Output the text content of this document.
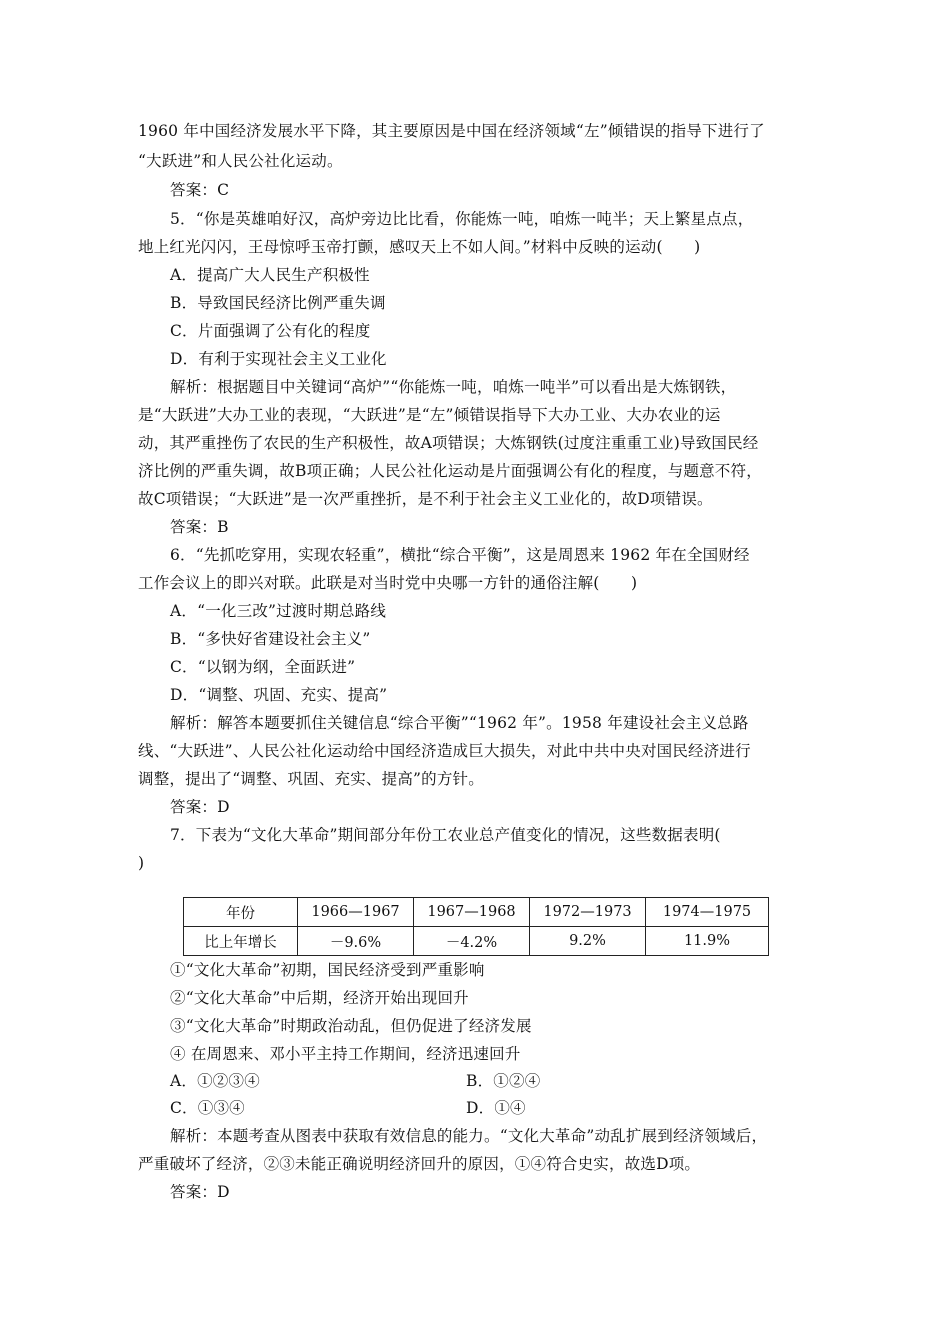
1960 年中国经济发展水平下降，其主要原因是中国在经济领域“左”倾错误的指导下进行了
“大跃进”和人民公社化运动。
答案：C
5．“你是英雄咱好汉，高炉旁边比比看，你能炼一吨，咱炼一吨半；天上繁星点点，
地上红光闪闪，王母惊呼玉帝打颤，感叹天上不如人间。”材料中反映的运动(　　)
A．提高广大人民生产积极性
B．导致国民经济比例严重失调
C．片面强调了公有化的程度
D．有利于实现社会主义工业化
解析：根据题目中关键词“高炉”“你能炼一吨，咱炼一吨半”可以看出是大炼钢铁，
是“大跃进”大办工业的表现，“大跃进”是“左”倾错误指导下大办工业、大办农业的运
动，其严重挫伤了农民的生产积极性，故A项错误；大炼钢铁(过度注重重工业)导致国民经
济比例的严重失调，故B项正确；人民公社化运动是片面强调公有化的程度，与题意不符，
故C项错误；“大跃进”是一次严重挫折，是不利于社会主义工业化的，故D项错误。
答案：B
6．“先抓吃穿用，实现农轻重”，横批“综合平衡”，这是周恩来 1962 年在全国财经
工作会议上的即兴对联。此联是对当时党中央哪一方针的通俗注解(　　)
A．“一化三改”过渡时期总路线
B．“多快好省建设社会主义”
C．“以钢为纲，全面跃进”
D．“调整、巩固、充实、提高”
解析：解答本题要抓住关键信息“综合平衡”“1962 年”。1958 年建设社会主义总路
线、“大跃进”、人民公社化运动给中国经济造成巨大损失，对此中共中央对国民经济进行
调整，提出了“调整、巩固、充实、提高”的方针。
答案：D
7．下表为“文化大革命”期间部分年份工农业总产值变化的情况，这些数据表明(
)
年份	1966—1967	1967—1968	1972—1973	1974—1975
比上年增长	－9.6%	－4.2%	9.2%	11.9%
①“文化大革命”初期，国民经济受到严重影响
②“文化大革命”中后期，经济开始出现回升
③“文化大革命”时期政治动乱，但仍促进了经济发展
④ 在周恩来、邓小平主持工作期间，经济迅速回升
A．①②③④	B．①②④
C．①③④	D．①④
解析：本题考查从图表中获取有效信息的能力。“文化大革命”动乱扩展到经济领域后，
严重破坏了经济，②③未能正确说明经济回升的原因，①④符合史实，故选D项。
答案：D
